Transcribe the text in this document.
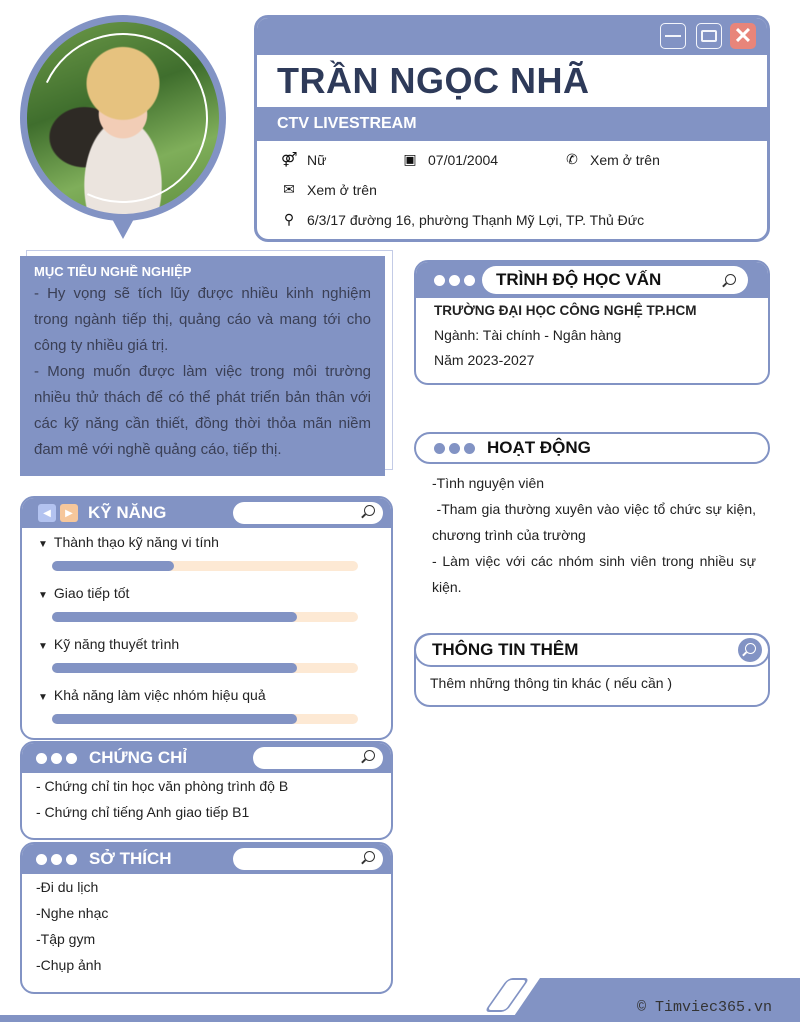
✕
TRẦN NGỌC NHÃ
CTV LIVESTREAM
⚤ Nữ	▣ 07/01/2004	✆ Xem ở trên
✉ Xem ở trên
⚲ 6/3/17 đường 16, phường Thạnh Mỹ Lợi, TP. Thủ Đức
MỤC TIÊU NGHỀ NGHIỆP

- Hy vọng sẽ tích lũy được nhiều kinh nghiệm trong ngành tiếp thị, quảng cáo và mang tới cho công ty nhiều giá trị.

- Mong muốn được làm việc trong môi trường nhiều thử thách để có thể phát triển bản thân với các kỹ năng cần thiết, đồng thời thỏa mãn niềm đam mê với nghề quảng cáo, tiếp thị.

◀	▶ KỸ NĂNG
▼ Thành thạo kỹ năng vi tính
▼ Giao tiếp tốt
▼ Kỹ năng thuyết trình
▼ Khả năng làm việc nhóm hiệu quả
CHỨNG CHỈ
- Chứng chỉ tin học văn phòng trình độ B
- Chứng chỉ tiếng Anh giao tiếp B1
SỞ THÍCH
-Đi du lịch
-Nghe nhạc
-Tập gym
-Chụp ảnh
TRÌNH ĐỘ HỌC VẤN
TRƯỜNG ĐẠI HỌC CÔNG NGHỆ TP.HCM
Ngành: Tài chính - Ngân hàng
Năm 2023-2027
HOẠT ĐỘNG
-Tình nguyện viên
-Tham gia thường xuyên vào việc tổ chức sự kiện, chương trình của trường
- Làm việc với các nhóm sinh viên trong nhiều sự kiện.
THÔNG TIN THÊM
Thêm những thông tin khác ( nếu cần )
© Timviec365.vn
